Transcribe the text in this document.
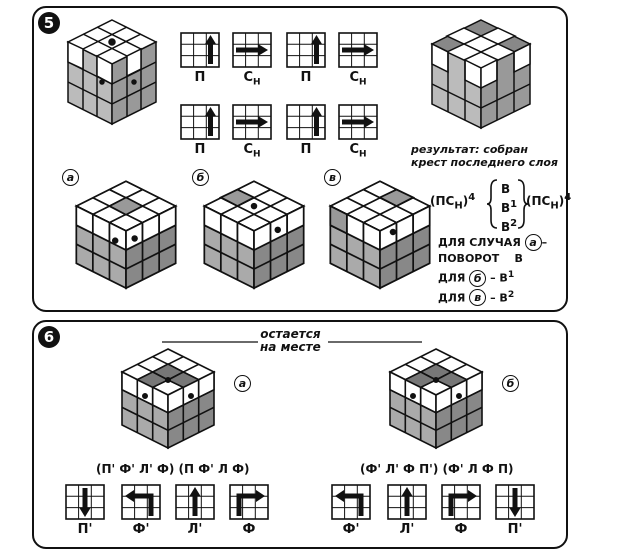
5
П	$С_Н$	П	$С_Н$
П	$С_Н$	П	$С_Н$	результат: собран
крест последнего слоя
а	б	в
$(ПС_Н)^4$
В
$В^1$
$В^2$
$(ПС_Н)^4$
ДЛЯ СЛУЧАЯ а –
ПОВОРОТ    В
ДЛЯ б – $В^1$
ДЛЯ в – $В^2$
6	остается
на месте
а	б
(П' Ф' Л' Ф) (П Ф' Л Ф)	(Ф' Л' Ф П') (Ф' Л Ф П)
П'	Ф'	Л'	Ф	Ф'	Л'	Ф	П'
